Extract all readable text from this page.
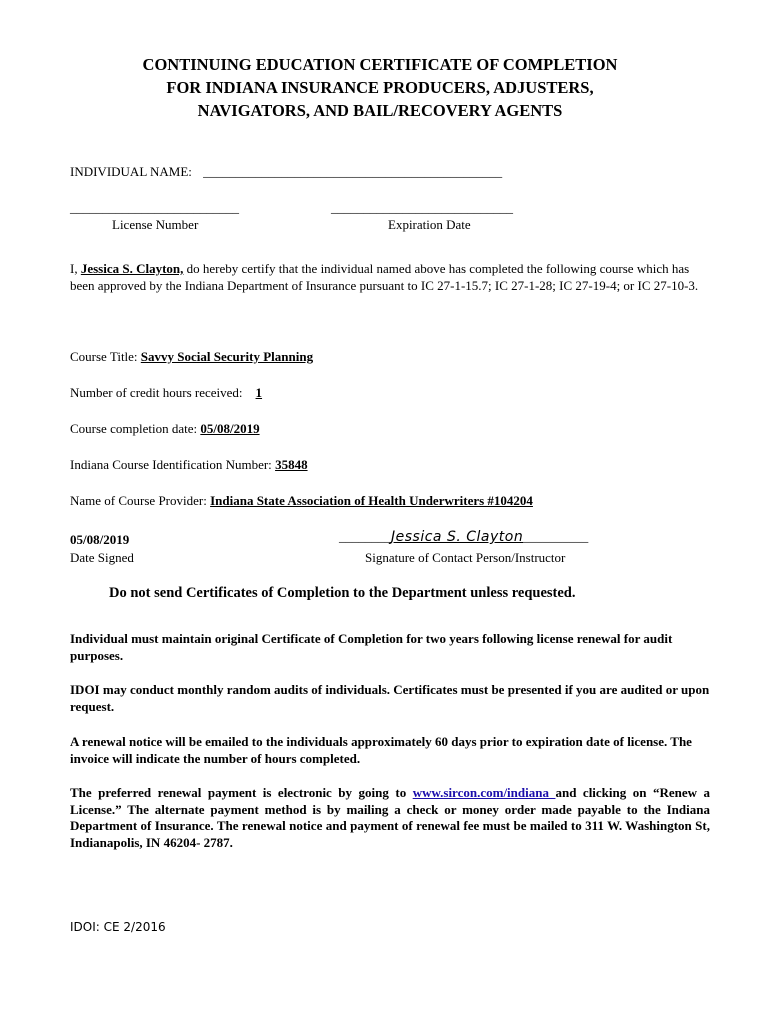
CONTINUING EDUCATION CERTIFICATE OF COMPLETION
FOR INDIANA INSURANCE PRODUCERS, ADJUSTERS,
NAVIGATORS, AND BAIL/RECOVERY AGENTS
INDIVIDUAL NAME: ______________________________________________
__________________________
License Number
____________________________
Expiration Date
I, Jessica S. Clayton, do hereby certify that the individual named above has completed the following course which has been approved by the Indiana Department of Insurance pursuant to IC 27-1-15.7; IC 27-1-28; IC 27-19-4; or IC 27-10-3.
Course Title: Savvy Social Security Planning
Number of credit hours received: 1
Course completion date: 05/08/2019
Indiana Course Identification Number: 35848
Name of Course Provider: Indiana State Association of Health Underwriters #104204
05/08/2019
Date Signed
________Jessica S. Clayton__________
Signature of Contact Person/Instructor
Do not send Certificates of Completion to the Department unless requested.
Individual must maintain original Certificate of Completion for two years following license renewal for audit purposes.
IDOI may conduct monthly random audits of individuals. Certificates must be presented if you are audited or upon request.
A renewal notice will be emailed to the individuals approximately 60 days prior to expiration date of license. The invoice will indicate the number of hours completed.
The preferred renewal payment is electronic by going to www.sircon.com/indiana and clicking on “Renew a License.” The alternate payment method is by mailing a check or money order made payable to the Indiana Department of Insurance. The renewal notice and payment of renewal fee must be mailed to 311 W. Washington St, Indianapolis, IN 46204- 2787.
IDOI: CE 2/2016
